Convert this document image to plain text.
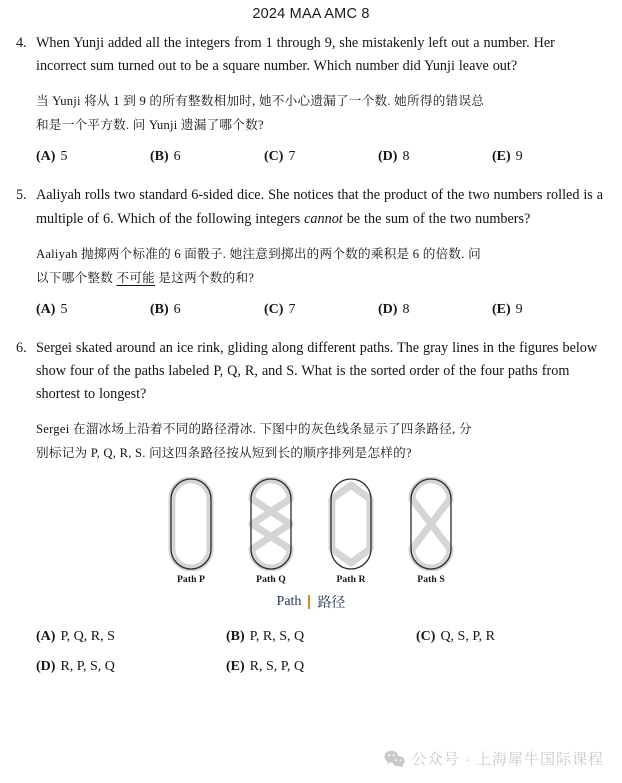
2024 MAA AMC 8
4. When Yunji added all the integers from 1 through 9, she mistakenly left out a number. Her incorrect sum turned out to be a square number. Which number did Yunji leave out?
当 Yunji 将从 1 到 9 的所有整数相加时, 她不小心遗漏了一个数. 她所得的错误总
和是一个平方数. 问 Yunji 遗漏了哪个数?
(A) 5	(B) 6	(C) 7	(D) 8	(E) 9
5. Aaliyah rolls two standard 6-sided dice. She notices that the product of the two numbers rolled is a multiple of 6. Which of the following integers cannot be the sum of the two numbers?
Aaliyah 抛掷两个标准的 6 面骰子. 她注意到掷出的两个数的乘积是 6 的倍数. 问
以下哪个整数 不可能 是这两个数的和?
(A) 5	(B) 6	(C) 7	(D) 8	(E) 9
6. Sergei skated around an ice rink, gliding along different paths. The gray lines in the figures below show four of the paths labeled P, Q, R, and S. What is the sorted order of the four paths from shortest to longest?
Sergei 在溜冰场上沿着不同的路径滑冰. 下图中的灰色线条显示了四条路径, 分
别标记为 P, Q, R, S. 问这四条路径按从短到长的顺序排列是怎样的?
Path P	Path Q	Path R	Path S
Path 路径
(A) P, Q, R, S	(B) P, R, S, Q	(C) Q, S, P, R
(D) R, P, S, Q	(E) R, S, P, Q
公众号 · 上海犀牛国际课程
